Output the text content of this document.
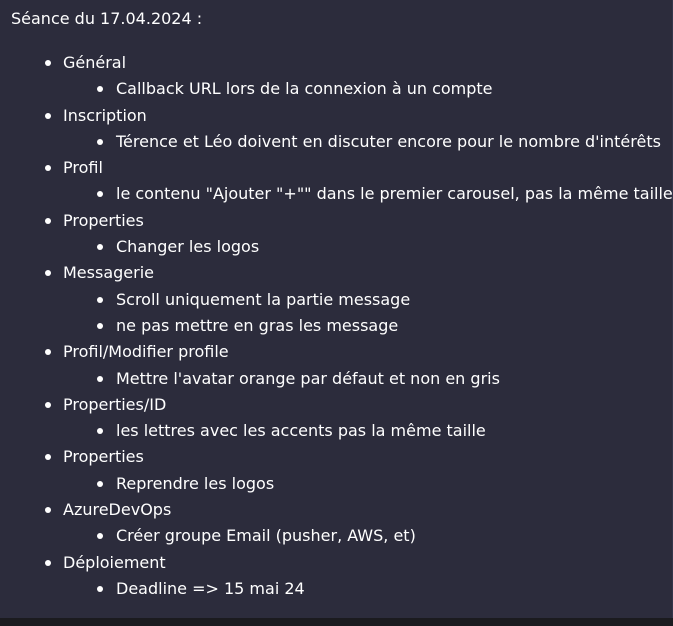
Séance du 17.04.2024 :
Général
Callback URL lors de la connexion à un compte
Inscription
Térence et Léo doivent en discuter encore pour le nombre d'intérêts
Profil
le contenu "Ajouter "+"" dans le premier carousel, pas la même taille
Properties
Changer les logos
Messagerie
Scroll uniquement la partie message
ne pas mettre en gras les message
Profil/Modifier profile
Mettre l'avatar orange par défaut et non en gris
Properties/ID
les lettres avec les accents pas la même taille
Properties
Reprendre les logos
AzureDevOps
Créer groupe Email (pusher, AWS, et)
Déploiement
Deadline => 15 mai 24
